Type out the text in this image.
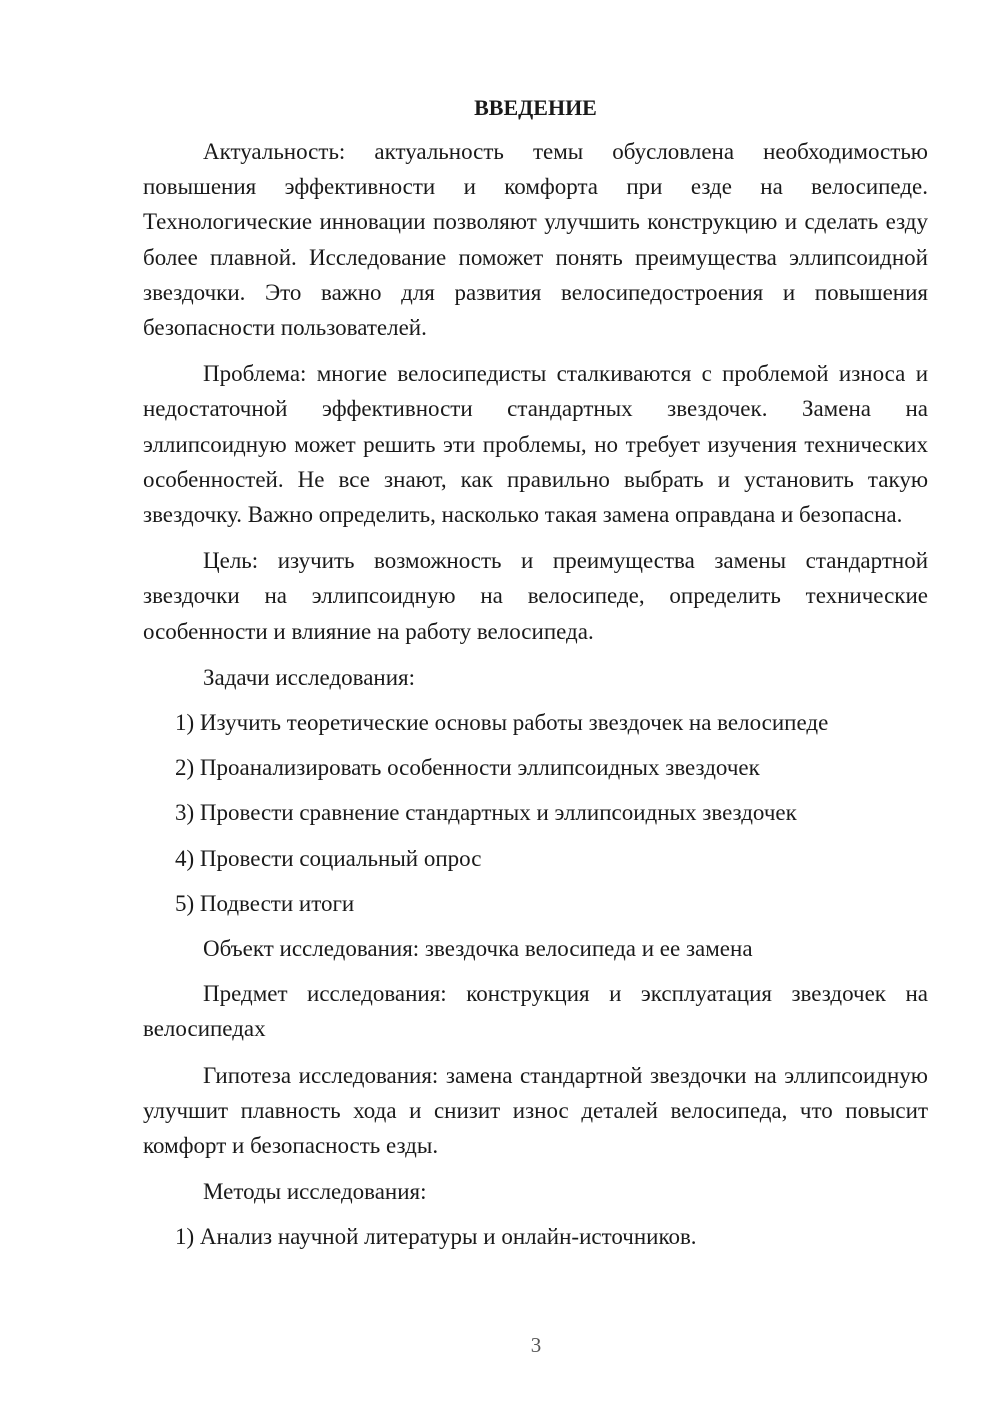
ВВЕДЕНИЕ
Актуальность: актуальность темы обусловлена необходимостью повышения эффективности и комфорта при езде на велосипеде. Технологические инновации позволяют улучшить конструкцию и сделать езду более плавной. Исследование поможет понять преимущества эллипсоидной звездочки. Это важно для развития велосипедостроения и повышения безопасности пользователей.
Проблема: многие велосипедисты сталкиваются с проблемой износа и недостаточной эффективности стандартных звездочек. Замена на эллипсоидную может решить эти проблемы, но требует изучения технических особенностей. Не все знают, как правильно выбрать и установить такую звездочку. Важно определить, насколько такая замена оправдана и безопасна.
Цель: изучить возможность и преимущества замены стандартной звездочки на эллипсоидную на велосипеде, определить технические особенности и влияние на работу велосипеда.
Задачи исследования:
1) Изучить теоретические основы работы звездочек на велосипеде
2) Проанализировать особенности эллипсоидных звездочек
3) Провести сравнение стандартных и эллипсоидных звездочек
4) Провести социальный опрос
5) Подвести итоги
Объект исследования: звездочка велосипеда и ее замена
Предмет исследования: конструкция и эксплуатация звездочек на велосипедах
Гипотеза исследования: замена стандартной звездочки на эллипсоидную улучшит плавность хода и снизит износ деталей велосипеда, что повысит комфорт и безопасность езды.
Методы исследования:
1) Анализ научной литературы и онлайн-источников.
3
